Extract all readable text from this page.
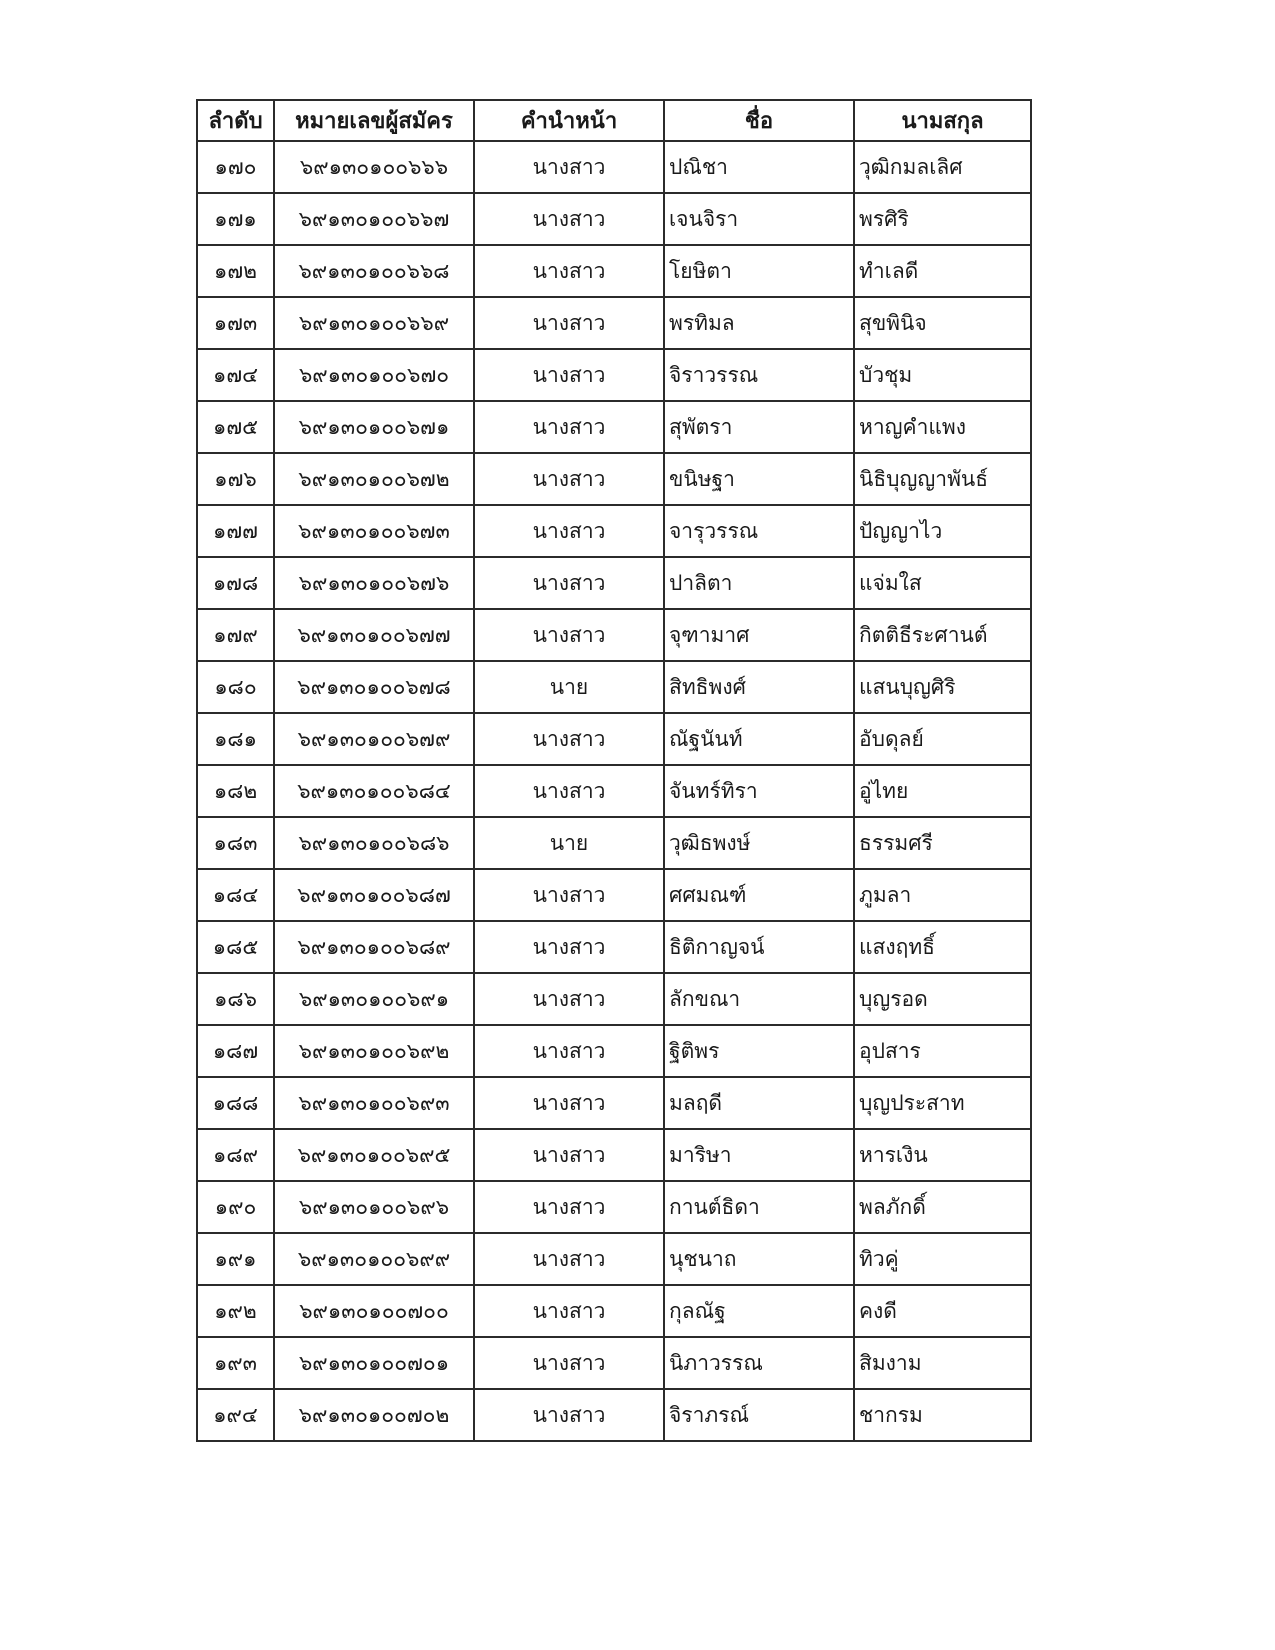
ลำดับ	หมายเลขผู้สมัคร	คำนำหน้า	ชื่อ	นามสกุล
๑๗๐	๖๙๑๓๐๑๐๐๖๖๖	นางสาว	ปณิชา	วุฒิกมลเลิศ
๑๗๑	๖๙๑๓๐๑๐๐๖๖๗	นางสาว	เจนจิรา	พรศิริ
๑๗๒	๖๙๑๓๐๑๐๐๖๖๘	นางสาว	โยษิตา	ทำเลดี
๑๗๓	๖๙๑๓๐๑๐๐๖๖๙	นางสาว	พรทิมล	สุขพินิจ
๑๗๔	๖๙๑๓๐๑๐๐๖๗๐	นางสาว	จิราวรรณ	บัวชุม
๑๗๕	๖๙๑๓๐๑๐๐๖๗๑	นางสาว	สุพัตรา	หาญคำแพง
๑๗๖	๖๙๑๓๐๑๐๐๖๗๒	นางสาว	ขนิษฐา	นิธิบุญญาพันธ์
๑๗๗	๖๙๑๓๐๑๐๐๖๗๓	นางสาว	จารุวรรณ	ปัญญาไว
๑๗๘	๖๙๑๓๐๑๐๐๖๗๖	นางสาว	ปาลิตา	แจ่มใส
๑๗๙	๖๙๑๓๐๑๐๐๖๗๗	นางสาว	จุฑามาศ	กิตติธีระศานต์
๑๘๐	๖๙๑๓๐๑๐๐๖๗๘	นาย	สิทธิพงศ์	แสนบุญศิริ
๑๘๑	๖๙๑๓๐๑๐๐๖๗๙	นางสาว	ณัฐนันท์	อับดุลย์
๑๘๒	๖๙๑๓๐๑๐๐๖๘๔	นางสาว	จันทร์ทิรา	อู่ไทย
๑๘๓	๖๙๑๓๐๑๐๐๖๘๖	นาย	วุฒิธพงษ์	ธรรมศรี
๑๘๔	๖๙๑๓๐๑๐๐๖๘๗	นางสาว	ศศมณฑ์	ภูมลา
๑๘๕	๖๙๑๓๐๑๐๐๖๘๙	นางสาว	ธิติกาญจน์	แสงฤทธิ์
๑๘๖	๖๙๑๓๐๑๐๐๖๙๑	นางสาว	ลักขณา	บุญรอด
๑๘๗	๖๙๑๓๐๑๐๐๖๙๒	นางสาว	ฐิติพร	อุปสาร
๑๘๘	๖๙๑๓๐๑๐๐๖๙๓	นางสาว	มลฤดี	บุญประสาท
๑๘๙	๖๙๑๓๐๑๐๐๖๙๕	นางสาว	มาริษา	หารเงิน
๑๙๐	๖๙๑๓๐๑๐๐๖๙๖	นางสาว	กานต์ธิดา	พลภักดิ์
๑๙๑	๖๙๑๓๐๑๐๐๖๙๙	นางสาว	นุชนาถ	ทิวคู่
๑๙๒	๖๙๑๓๐๑๐๐๗๐๐	นางสาว	กุลณัฐ	คงดี
๑๙๓	๖๙๑๓๐๑๐๐๗๐๑	นางสาว	นิภาวรรณ	สิมงาม
๑๙๔	๖๙๑๓๐๑๐๐๗๐๒	นางสาว	จิราภรณ์	ชากรม
